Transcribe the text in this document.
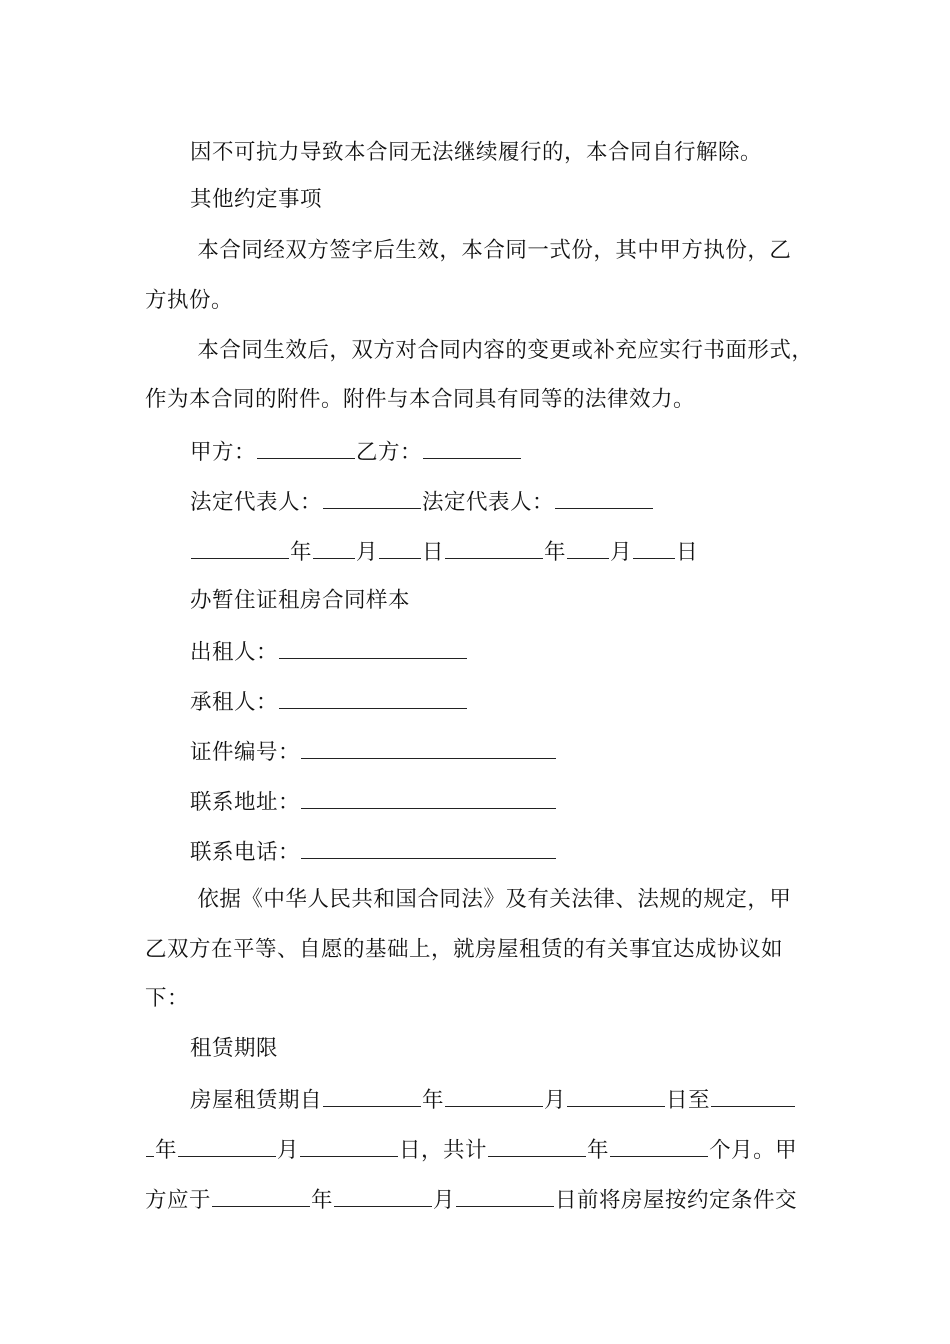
因不可抗力导致本合同无法继续履行的，本合同自行解除。
其他约定事项
本合同经双方签字后生效，本合同一式份，其中甲方执份，乙
方执份。
本合同生效后，双方对合同内容的变更或补充应实行书面形式，
作为本合同的附件。附件与本合同具有同等的法律效力。
甲方：	乙方：
法定代表人：	法定代表人：
年 月 日	年 月 日
办暂住证租房合同样本
出租人：
承租人：
证件编号：
联系地址：
联系电话：
依据《中华人民共和国合同法》及有关法律、法规的规定，甲
乙双方在平等、自愿的基础上，就房屋租赁的有关事宜达成协议如
下：
租赁期限
房屋租赁期自	年	月	日至
年	月	日，共计	年	个月。甲
方应于	年	月	日前将房屋按约定条件交
